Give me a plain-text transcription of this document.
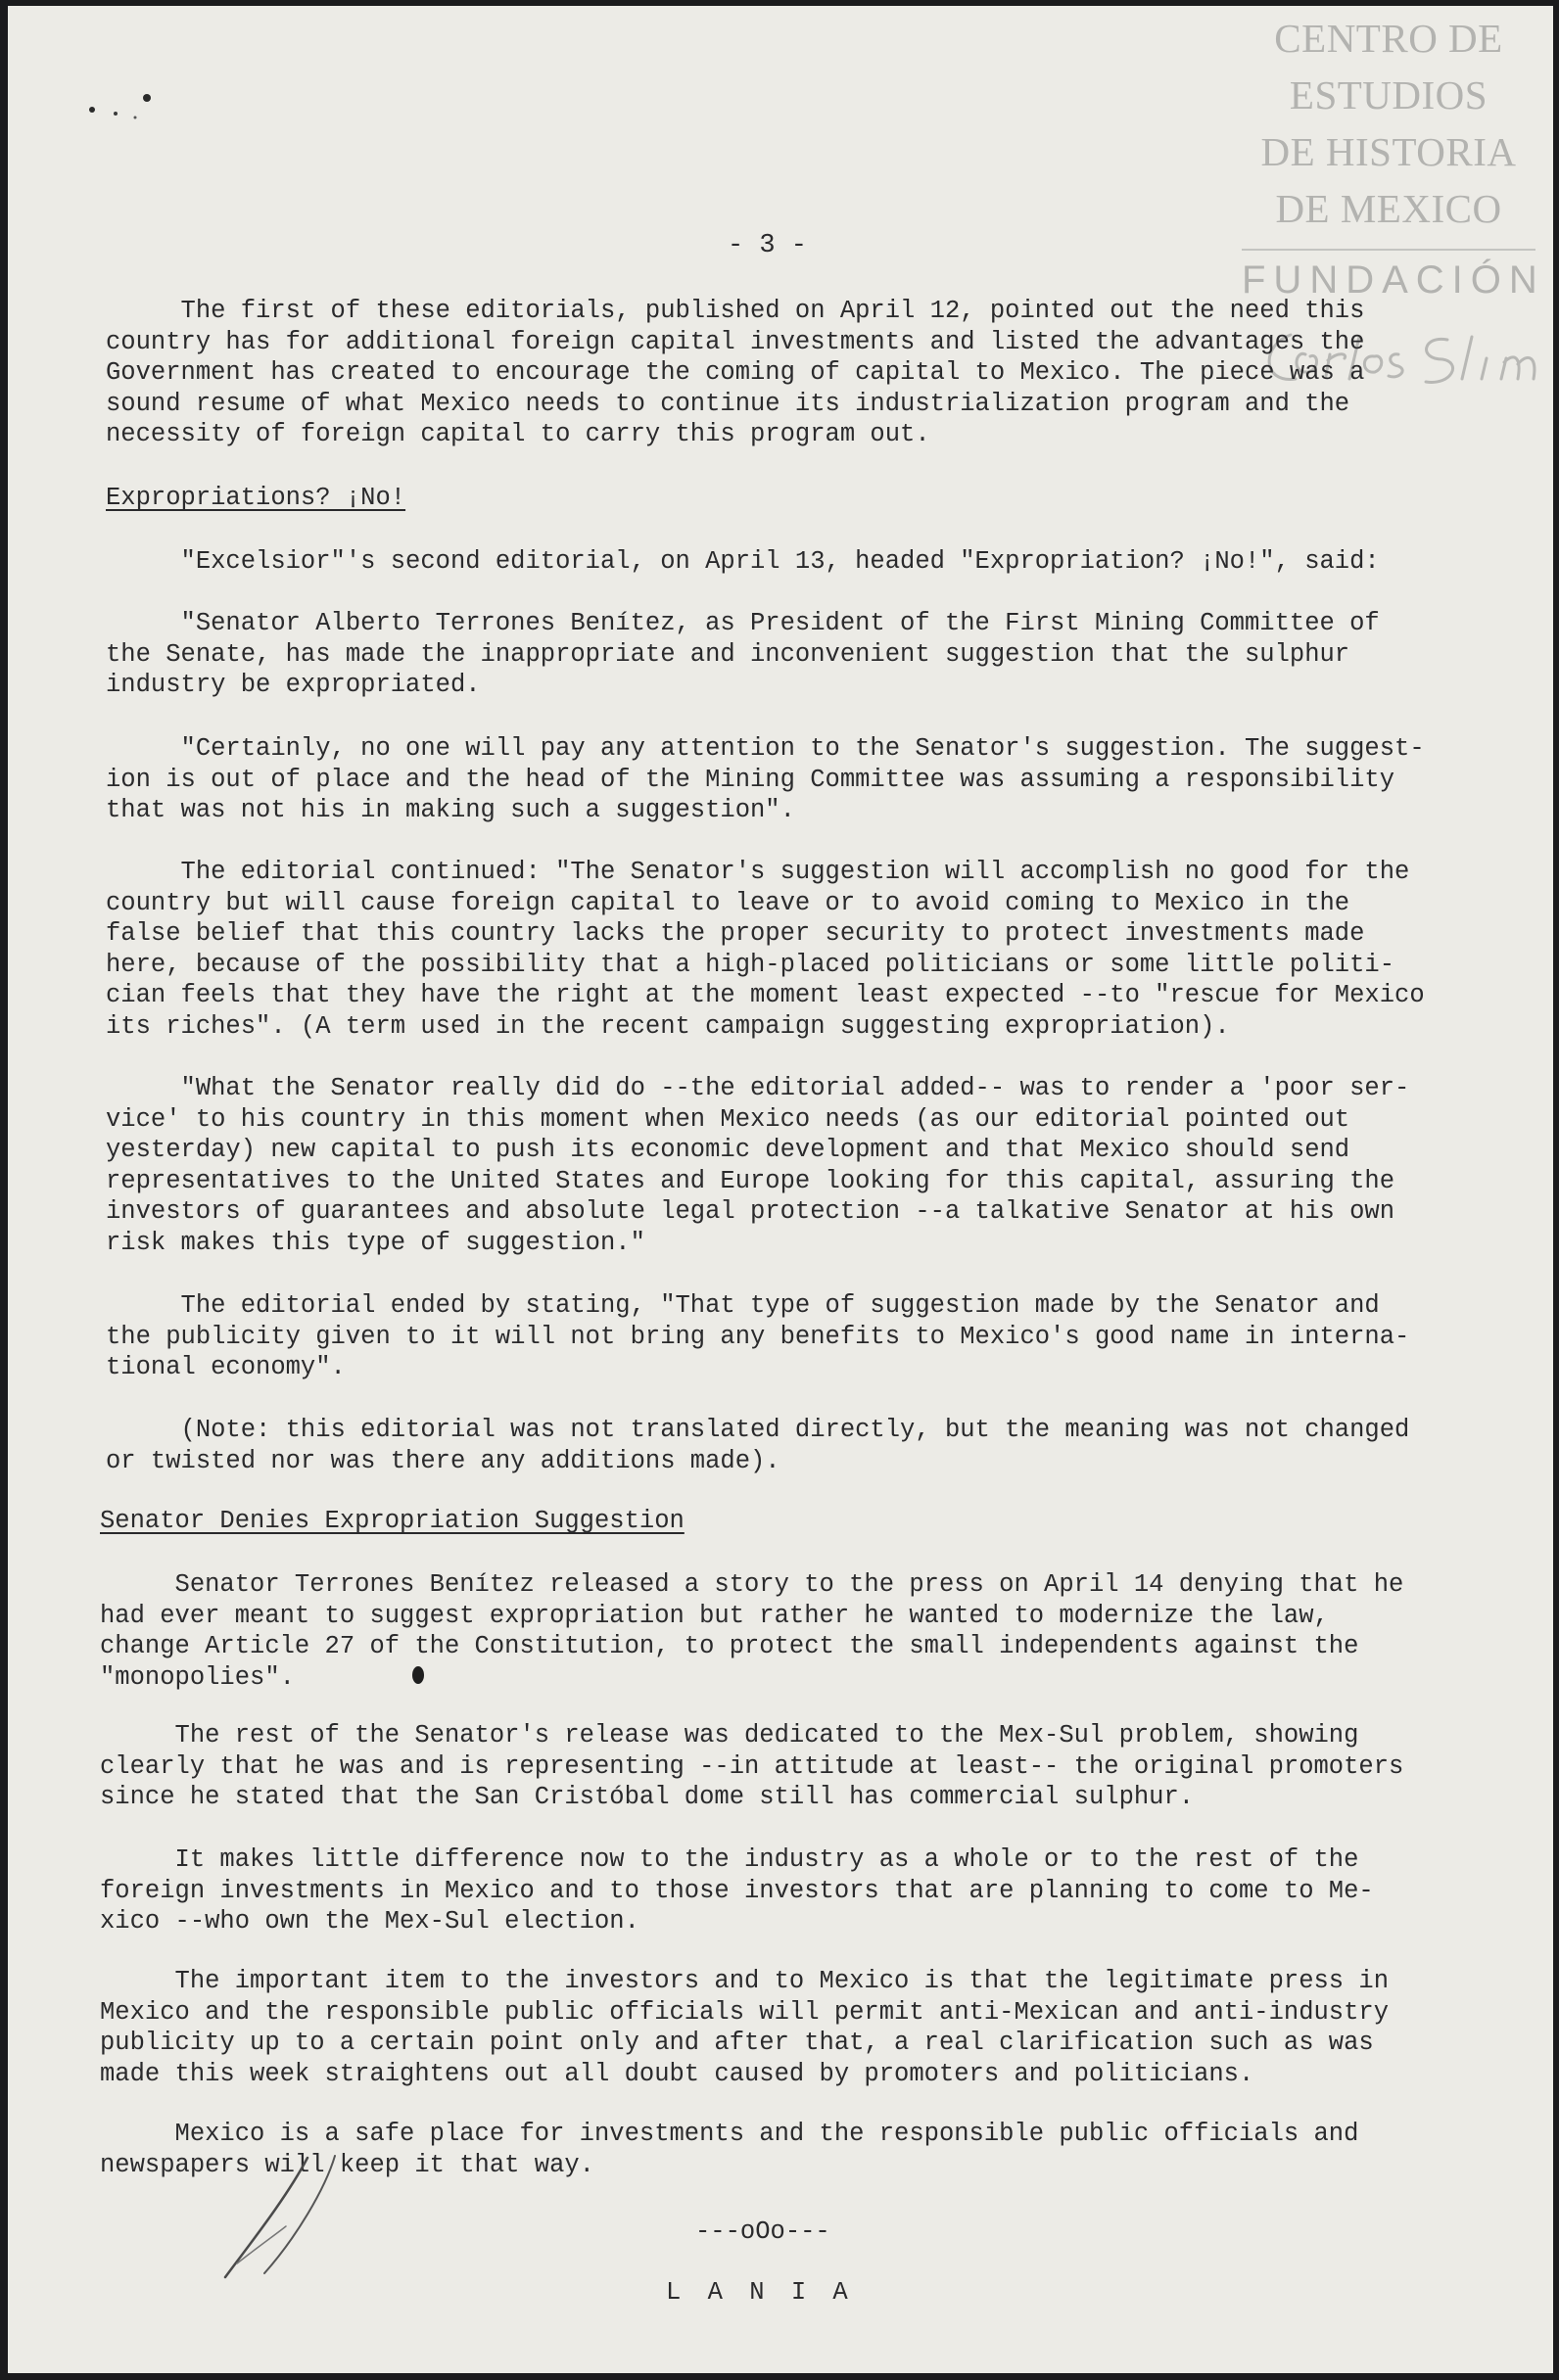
CENTRO DE
ESTUDIOS
DE HISTORIA
DE MEXICO
FUNDACIÓN
- 3 -

The first of these editorials, published on April 12, pointed out the need this
country has for additional foreign capital investments and listed the advantages the
Government has created to encourage the coming of capital to Mexico. The piece was a
sound resume of what Mexico needs to continue its industrialization program and the
necessity of foreign capital to carry this program out.

Expropriations? ¡No!

"Excelsior"'s second editorial, on April 13, headed "Expropriation? ¡No!", said:

"Senator Alberto Terrones Benítez, as President of the First Mining Committee of
the Senate, has made the inappropriate and inconvenient suggestion that the sulphur
industry be expropriated.

"Certainly, no one will pay any attention to the Senator's suggestion. The suggest-
ion is out of place and the head of the Mining Committee was assuming a responsibility
that was not his in making such a suggestion".

The editorial continued: "The Senator's suggestion will accomplish no good for the
country but will cause foreign capital to leave or to avoid coming to Mexico in the
false belief that this country lacks the proper security to protect investments made
here, because of the possibility that a high-placed politicians or some little politi-
cian feels that they have the right at the moment least expected --to "rescue for Mexico
its riches". (A term used in the recent campaign suggesting expropriation).

"What the Senator really did do --the editorial added-- was to render a 'poor ser-
vice' to his country in this moment when Mexico needs (as our editorial pointed out
yesterday) new capital to push its economic development and that Mexico should send
representatives to the United States and Europe looking for this capital, assuring the
investors of guarantees and absolute legal protection --a talkative Senator at his own
risk makes this type of suggestion."

The editorial ended by stating, "That type of suggestion made by the Senator and
the publicity given to it will not bring any benefits to Mexico's good name in interna-
tional economy".

(Note: this editorial was not translated directly, but the meaning was not changed
or twisted nor was there any additions made).

Senator Denies Expropriation Suggestion

Senator Terrones Benítez released a story to the press on April 14 denying that he
had ever meant to suggest expropriation but rather he wanted to modernize the law,
change Article 27 of the Constitution, to protect the small independents against the
"monopolies".

The rest of the Senator's release was dedicated to the Mex-Sul problem, showing
clearly that he was and is representing --in attitude at least-- the original promoters
since he stated that the San Cristóbal dome still has commercial sulphur.

It makes little difference now to the industry as a whole or to the rest of the
foreign investments in Mexico and to those investors that are planning to come to Me-
xico --who own the Mex-Sul election.

The important item to the investors and to Mexico is that the legitimate press in
Mexico and the responsible public officials will permit anti-Mexican and anti-industry
publicity up to a certain point only and after that, a real clarification such as was
made this week straightens out all doubt caused by promoters and politicians.

Mexico is a safe place for investments and the responsible public officials and
newspapers will keep it that way.

---oOo---
L A N I A
